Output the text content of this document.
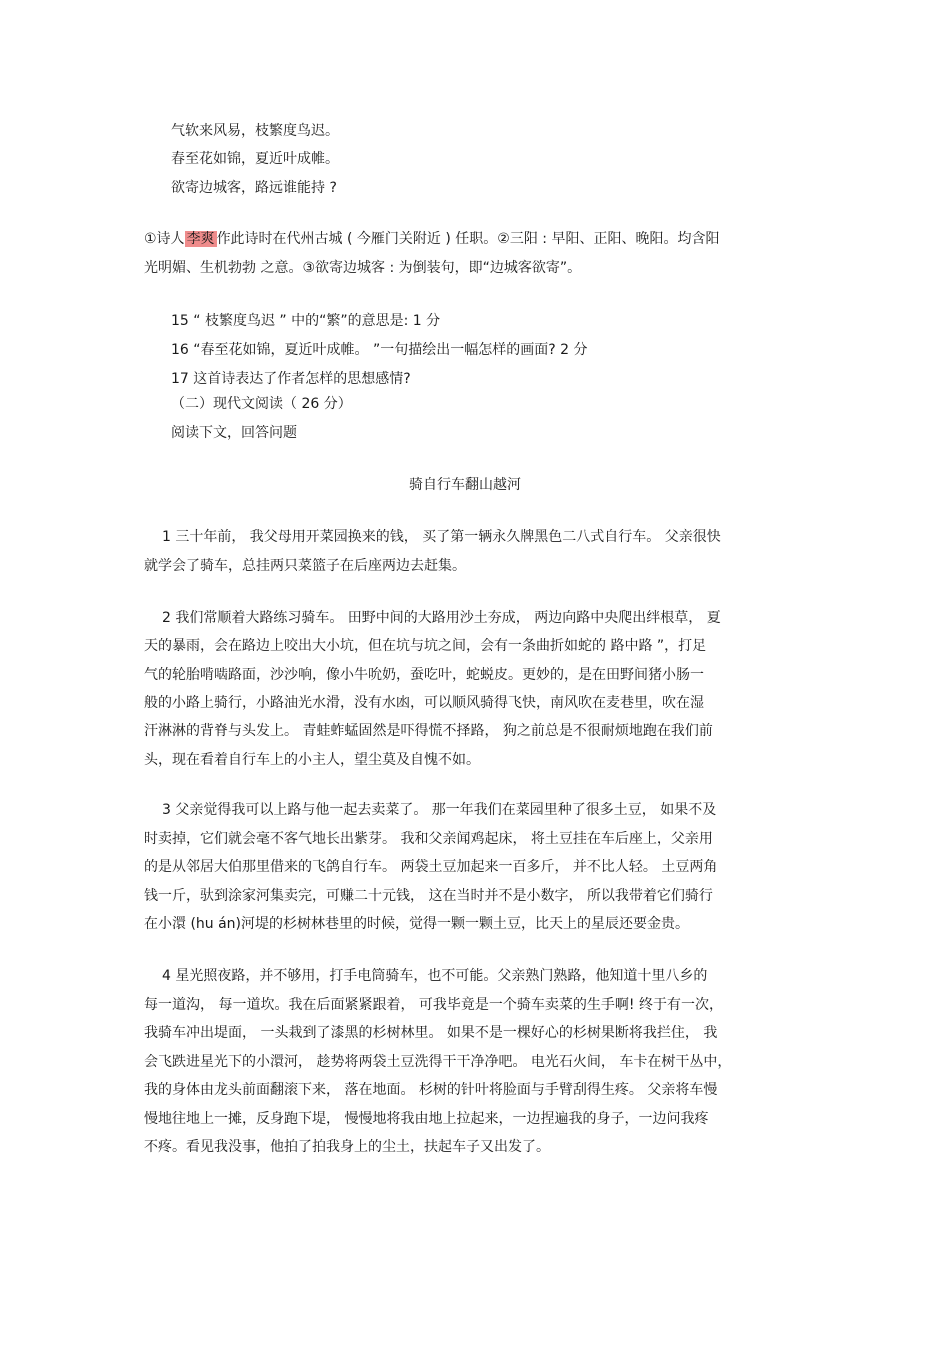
气软来风易，枝繁度鸟迟。
春至花如锦，夏近叶成帷。
欲寄边城客，路远谁能持 ?
①诗人 李爽 作此诗时在代州古城 ( 今雁门关附近 ) 任职。②三阳 : 早阳、正阳、晚阳。均含阳
光明媚、生机勃勃 之意。③欲寄边城客 : 为倒装句，即“边城客欲寄”。
15 “ 枝繁度鸟迟 ” 中的“繁”的意思是: 1 分
16 “春至花如锦，夏近叶成帷。 ”一句描绘出一幅怎样的画面? 2 分
17 这首诗表达了作者怎样的思想感情?
（二）现代文阅读（ 26 分）
阅读下文，回答问题
骑自行车翻山越河
1 三十年前， 我父母用开菜园换来的钱， 买了第一辆永久牌黑色二八式自行车。 父亲很快
就学会了骑车，总挂两只菜篮子在后座两边去赶集。
2 我们常顺着大路练习骑车。 田野中间的大路用沙土夯成， 两边向路中央爬出绊根草， 夏
天的暴雨，会在路边上咬出大小坑，但在坑与坑之间，会有一条曲折如蛇的 路中路 ”，打足
气的轮胎啃啮路面，沙沙响，像小牛吮奶，蚕吃叶，蛇蜕皮。更妙的，是在田野间猪小肠一
般的小路上骑行，小路油光水滑，没有水凼，可以顺风骑得飞快，南风吹在麦巷里，吹在湿
汗淋淋的背脊与头发上。 青蛙蚱蜢固然是吓得慌不择路， 狗之前总是不很耐烦地跑在我们前
头，现在看着自行车上的小主人，望尘莫及自愧不如。
3 父亲觉得我可以上路与他一起去卖菜了。 那一年我们在菜园里种了很多土豆， 如果不及
时卖掉，它们就会毫不客气地长出紫芽。 我和父亲闻鸡起床， 将土豆挂在车后座上，父亲用
的是从邻居大伯那里借来的飞鸽自行车。 两袋土豆加起来一百多斤， 并不比人轻。 土豆两角
钱一斤，驮到涂家河集卖完，可赚二十元钱， 这在当时并不是小数字， 所以我带着它们骑行
在小澴 (hu án)河堤的杉树林巷里的时候，觉得一颗一颗土豆，比天上的星辰还要金贵。
4 星光照夜路，并不够用，打手电筒骑车，也不可能。父亲熟门熟路，他知道十里八乡的
每一道沟， 每一道坎。我在后面紧紧跟着， 可我毕竟是一个骑车卖菜的生手啊! 终于有一次，
我骑车冲出堤面， 一头栽到了漆黑的杉树林里。 如果不是一棵好心的杉树果断将我拦住， 我
会飞跌进星光下的小澴河， 趁势将两袋土豆洗得干干净净吧。 电光石火间， 车卡在树干丛中，
我的身体由龙头前面翻滚下来， 落在地面。 杉树的针叶将脸面与手臂刮得生疼。 父亲将车慢
慢地往地上一摊，反身跑下堤， 慢慢地将我由地上拉起来，一边捏遍我的身子，一边问我疼
不疼。看见我没事，他拍了拍我身上的尘土，扶起车子又出发了。
